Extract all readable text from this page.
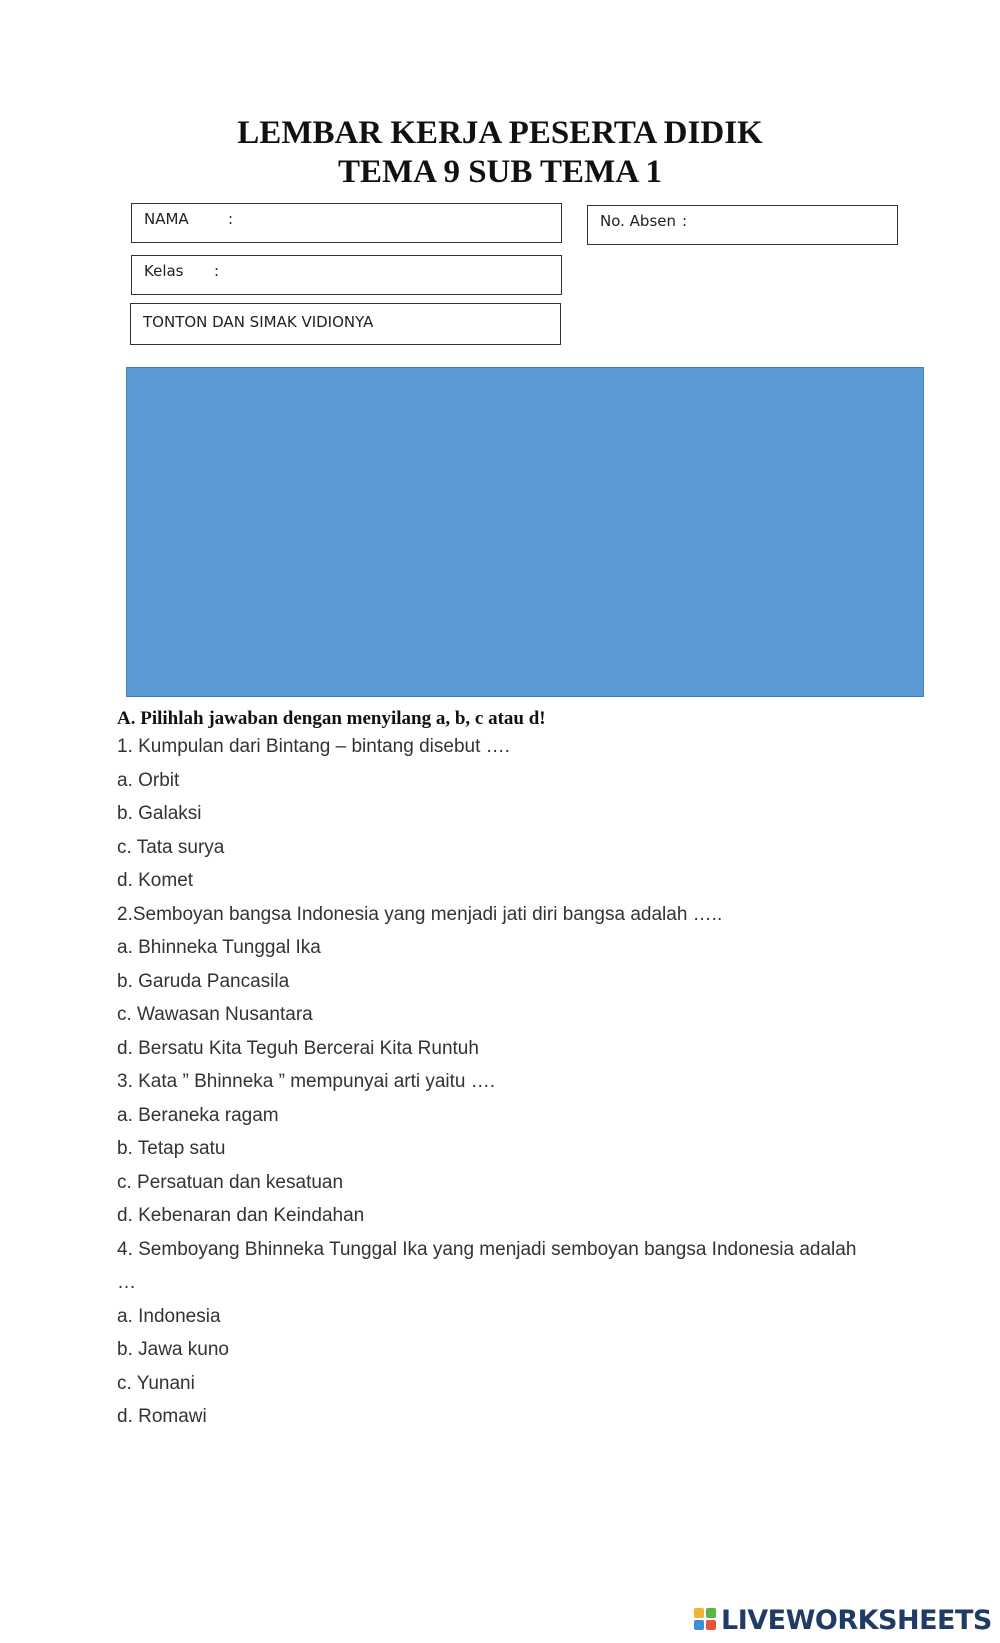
LEMBAR KERJA PESERTA DIDIK
TEMA 9 SUB TEMA 1
NAMA	:	No. Absen :
Kelas :
TONTON DAN SIMAK VIDIONYA
A. Pilihlah jawaban dengan menyilang a, b, c atau d!
1. Kumpulan dari Bintang – bintang disebut ….
a. Orbit
b. Galaksi
c. Tata surya
d. Komet
2.Semboyan bangsa Indonesia yang menjadi jati diri bangsa adalah …..
a. Bhinneka Tunggal Ika
b. Garuda Pancasila
c. Wawasan Nusantara
d. Bersatu Kita Teguh Bercerai Kita Runtuh
3. Kata ” Bhinneka ” mempunyai arti yaitu ….
a. Beraneka ragam
b. Tetap satu
c. Persatuan dan kesatuan
d. Kebenaran dan Keindahan
4. Semboyang Bhinneka Tunggal Ika yang menjadi semboyan bangsa Indonesia adalah
…
a. Indonesia
b. Jawa kuno
c. Yunani
d. Romawi
LIVEWORKSHEETS
